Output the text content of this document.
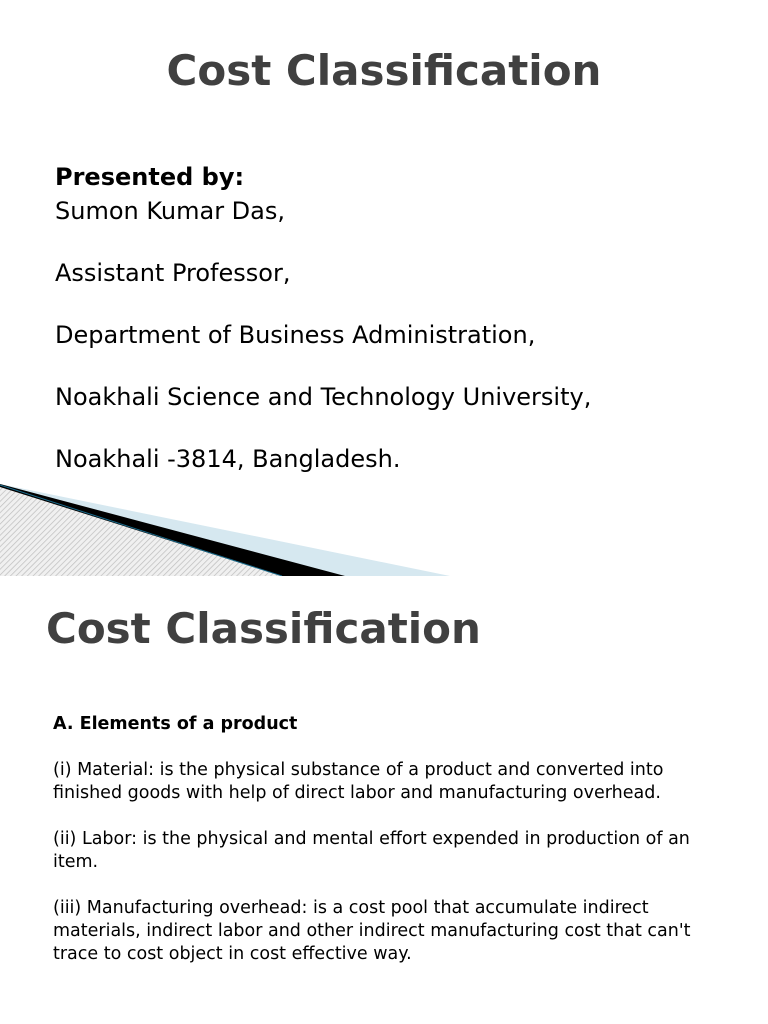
Cost Classification
Presented by:
Sumon Kumar Das,
Assistant Professor,
Department of Business Administration,
Noakhali Science and Technology University,
Noakhali -3814, Bangladesh.
Cost Classification

A. Elements of a product

(i) Material: is the physical substance of a product and converted into finished goods with help of direct labor and manufacturing overhead.

(ii) Labor: is the physical and mental effort expended in production of an item.

(iii) Manufacturing overhead: is a cost pool that accumulate indirect materials, indirect labor and other indirect manufacturing cost that can't trace to cost object in cost effective way.
